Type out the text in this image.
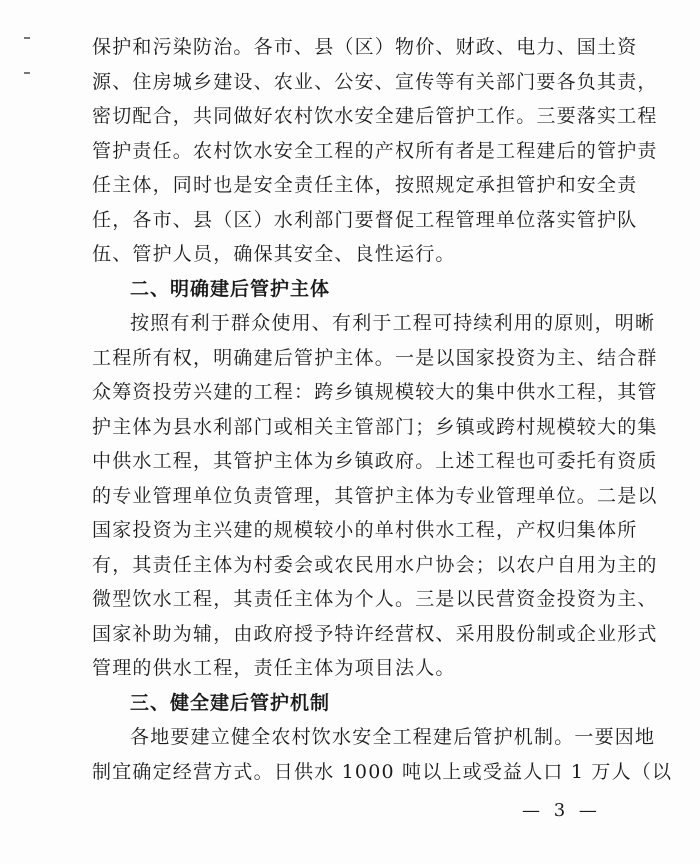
保护和污染防治。各市、县（区）物价、财政、电力、国土资
源、住房城乡建设、农业、公安、宣传等有关部门要各负其责，
密切配合，共同做好农村饮水安全建后管护工作。三要落实工程
管护责任。农村饮水安全工程的产权所有者是工程建后的管护责
任主体，同时也是安全责任主体，按照规定承担管护和安全责
任，各市、县（区）水利部门要督促工程管理单位落实管护队
伍、管护人员，确保其安全、良性运行。
二、明确建后管护主体
按照有利于群众使用、有利于工程可持续利用的原则，明晰
工程所有权，明确建后管护主体。一是以国家投资为主、结合群
众筹资投劳兴建的工程：跨乡镇规模较大的集中供水工程，其管
护主体为县水利部门或相关主管部门；乡镇或跨村规模较大的集
中供水工程，其管护主体为乡镇政府。上述工程也可委托有资质
的专业管理单位负责管理，其管护主体为专业管理单位。二是以
国家投资为主兴建的规模较小的单村供水工程，产权归集体所
有，其责任主体为村委会或农民用水户协会；以农户自用为主的
微型饮水工程，其责任主体为个人。三是以民营资金投资为主、
国家补助为辅，由政府授予特许经营权、采用股份制或企业形式
管理的供水工程，责任主体为项目法人。
三、健全建后管护机制
各地要建立健全农村饮水安全工程建后管护机制。一要因地
制宜确定经营方式。日供水 1000 吨以上或受益人口 1 万人（以
— 3 —
